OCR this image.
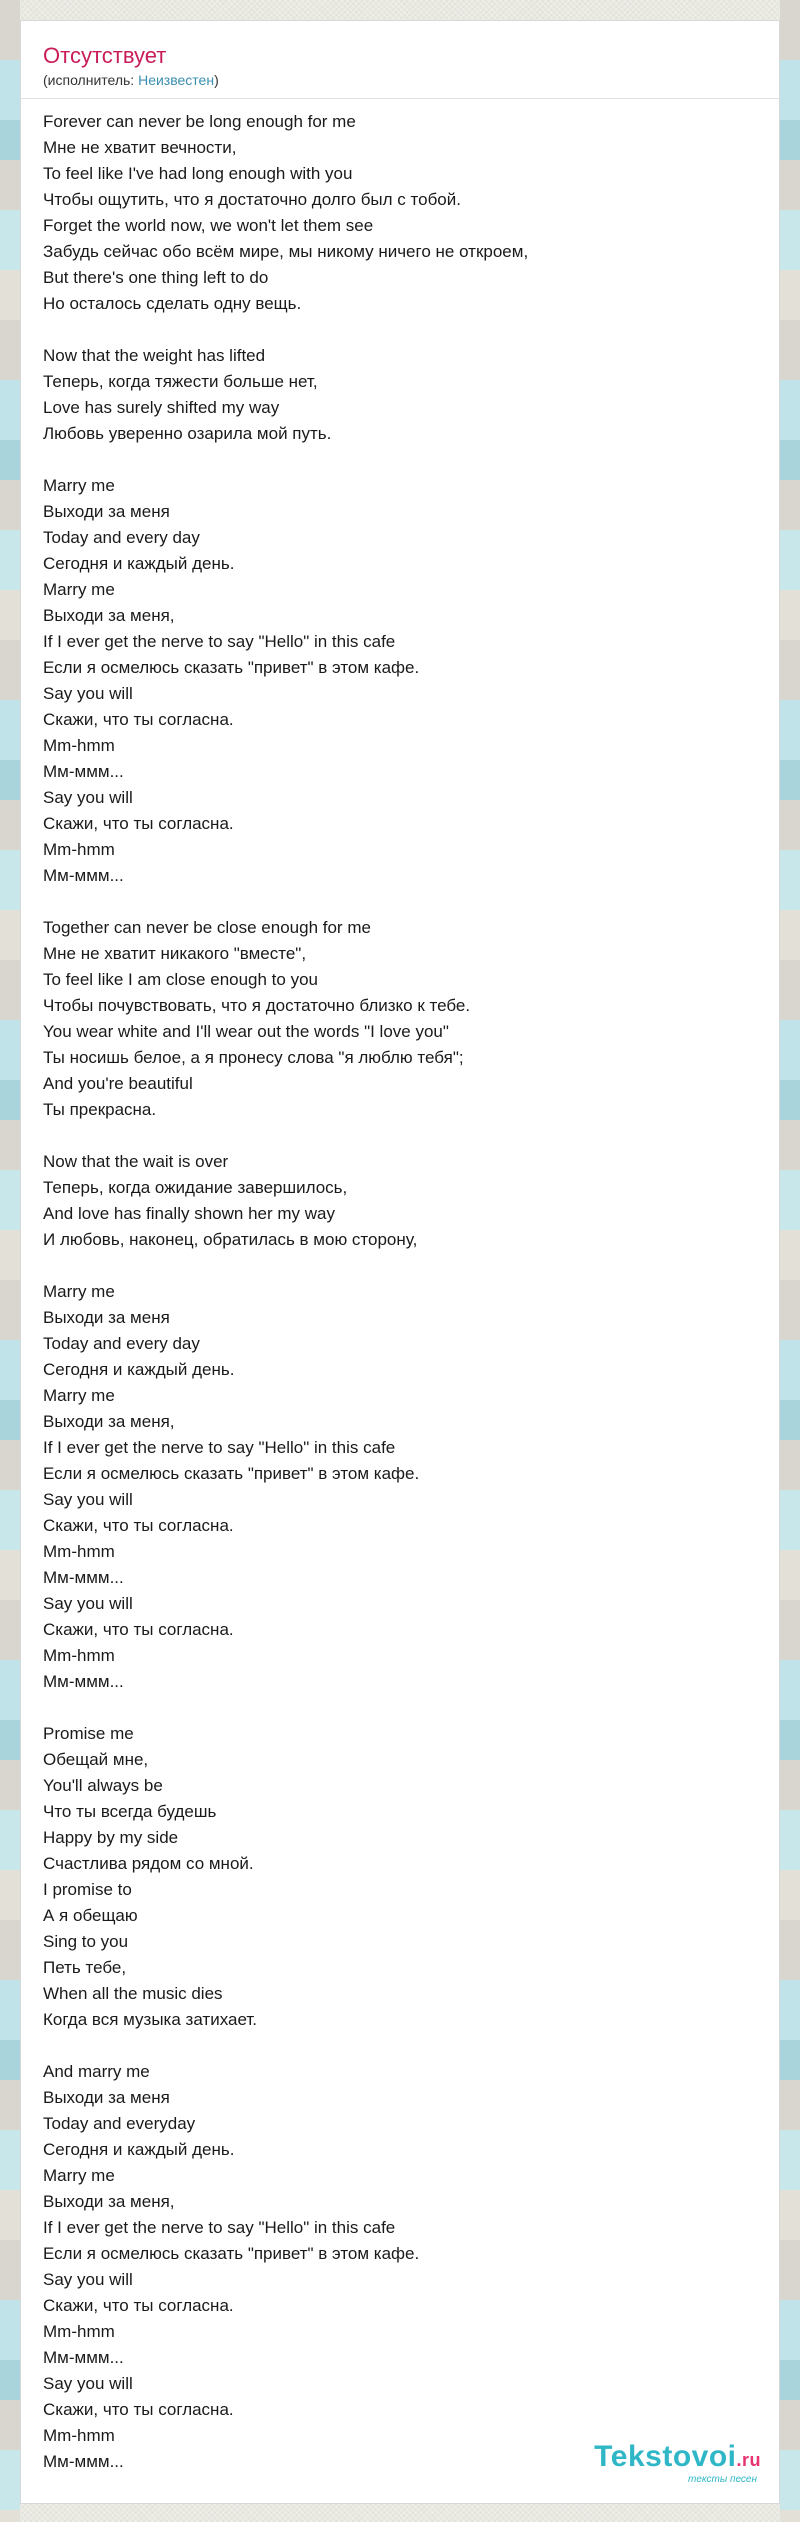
Отсутствует
(исполнитель: Неизвестен)
Forever can never be long enough for me
Мне не хватит вечности,
To feel like I've had long enough with you
Чтобы ощутить, что я достаточно долго был с тобой.
Forget the world now, we won't let them see
Забудь сейчас обо всём мире, мы никому ничего не откроем,
But there's one thing left to do
Но осталось сделать одну вещь.
Now that the weight has lifted
Теперь, когда тяжести больше нет,
Love has surely shifted my way
Любовь уверенно озарила мой путь.
Marry me
Выходи за меня
Today and every day
Сегодня и каждый день.
Marry me
Выходи за меня,
If I ever get the nerve to say "Hello" in this cafe
Если я осмелюсь сказать "привет" в этом кафе.
Say you will
Скажи, что ты согласна.
Mm-hmm
Мм-ммм...
Say you will
Скажи, что ты согласна.
Mm-hmm
Мм-ммм...
Together can never be close enough for me
Мне не хватит никакого "вместе",
To feel like I am close enough to you
Чтобы почувствовать, что я достаточно близко к тебе.
You wear white and I'll wear out the words "I love you"
Ты носишь белое, а я пронесу слова "я люблю тебя";
And you're beautiful
Ты прекрасна.
Now that the wait is over
Теперь, когда ожидание завершилось,
And love has finally shown her my way
И любовь, наконец, обратилась в мою сторону,
Marry me
Выходи за меня
Today and every day
Сегодня и каждый день.
Marry me
Выходи за меня,
If I ever get the nerve to say "Hello" in this cafe
Если я осмелюсь сказать "привет" в этом кафе.
Say you will
Скажи, что ты согласна.
Mm-hmm
Мм-ммм...
Say you will
Скажи, что ты согласна.
Mm-hmm
Мм-ммм...
Promise me
Обещай мне,
You'll always be
Что ты всегда будешь
Happy by my side
Счастлива рядом со мной.
I promise to
А я обещаю
Sing to you
Петь тебе,
When all the music dies
Когда вся музыка затихает.
And marry me
Выходи за меня
Today and everyday
Сегодня и каждый день.
Marry me
Выходи за меня,
If I ever get the nerve to say "Hello" in this cafe
Если я осмелюсь сказать "привет" в этом кафе.
Say you will
Скажи, что ты согласна.
Mm-hmm
Мм-ммм...
Say you will
Скажи, что ты согласна.
Mm-hmm
Мм-ммм...	Tekstovoi.ru
тексты песен
